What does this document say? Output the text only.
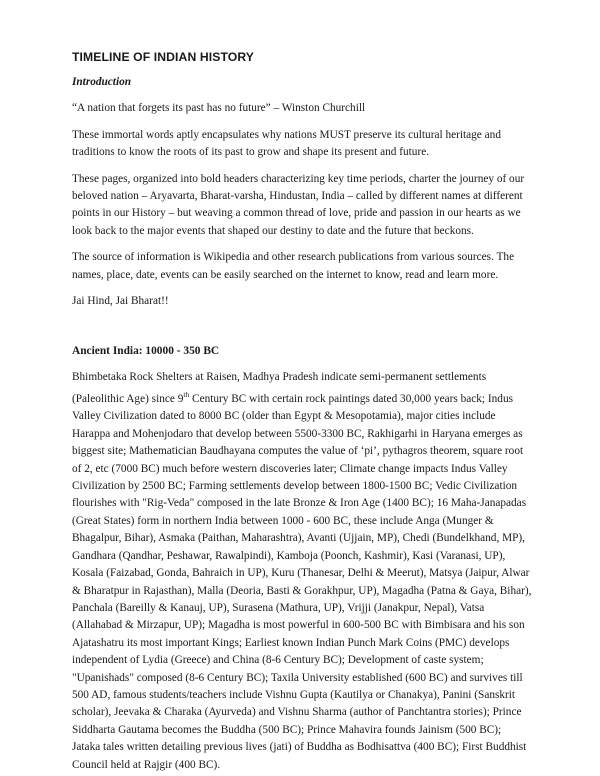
TIMELINE OF INDIAN HISTORY

Introduction

“A nation that forgets its past has no future” – Winston Churchill

These immortal words aptly encapsulates why nations MUST preserve its cultural heritage and traditions to know the roots of its past to grow and shape its present and future.

These pages, organized into bold headers characterizing key time periods, charter the journey of our beloved nation – Aryavarta, Bharat-varsha, Hindustan, India – called by different names at different points in our History – but weaving a common thread of love, pride and passion in our hearts as we look back to the major events that shaped our destiny to date and the future that beckons.

The source of information is Wikipedia and other research publications from various sources. The names, place, date, events can be easily searched on the internet to know, read and learn more.

Jai Hind, Jai Bharat!!

Ancient India: 10000 - 350 BC

Bhimbetaka Rock Shelters at Raisen, Madhya Pradesh indicate semi-permanent settlements (Paleolithic Age) since 9th Century BC with certain rock paintings dated 30,000 years back; Indus Valley Civilization dated to 8000 BC (older than Egypt & Mesopotamia), major cities include Harappa and Mohenjodaro that develop between 5500-3300 BC, Rakhigarhi in Haryana emerges as biggest site; Mathematician Baudhayana computes the value of ‘pi’, pythagros theorem, square root of 2, etc (7000 BC) much before western discoveries later; Climate change impacts Indus Valley Civilization by 2500 BC; Farming settlements develop between 1800-1500 BC; Vedic Civilization flourishes with "Rig-Veda" composed in the late Bronze & Iron Age (1400 BC); 16 Maha-Janapadas (Great States) form in northern India between 1000 - 600 BC, these include Anga (Munger & Bhagalpur, Bihar), Asmaka (Paithan, Maharashtra), Avanti (Ujjain, MP), Chedi (Bundelkhand, MP), Gandhara (Qandhar, Peshawar, Rawalpindi), Kamboja (Poonch, Kashmir), Kasi (Varanasi, UP), Kosala (Faizabad, Gonda, Bahraich in UP), Kuru (Thanesar, Delhi & Meerut), Matsya (Jaipur, Alwar & Bharatpur in Rajasthan), Malla (Deoria, Basti & Gorakhpur, UP), Magadha (Patna & Gaya, Bihar), Panchala (Bareilly & Kanauj, UP), Surasena (Mathura, UP), Vrijji (Janakpur, Nepal), Vatsa (Allahabad & Mirzapur, UP); Magadha is most powerful in 600-500 BC with Bimbisara and his son Ajatashatru its most important Kings; Earliest known Indian Punch Mark Coins (PMC) develops independent of Lydia (Greece) and China (8-6 Century BC); Development of caste system; "Upanishads" composed (8-6 Century BC); Taxila University established (600 BC) and survives till 500 AD, famous students/teachers include Vishnu Gupta (Kautilya or Chanakya), Panini (Sanskrit scholar), Jeevaka & Charaka (Ayurveda) and Vishnu Sharma (author of Panchtantra stories); Prince Siddharta Gautama becomes the Buddha (500 BC); Prince Mahavira founds Jainism (500 BC); Jataka tales written detailing previous lives (jati) of Buddha as Bodhisattva (400 BC); First Buddhist Council held at Rajgir (400 BC).
